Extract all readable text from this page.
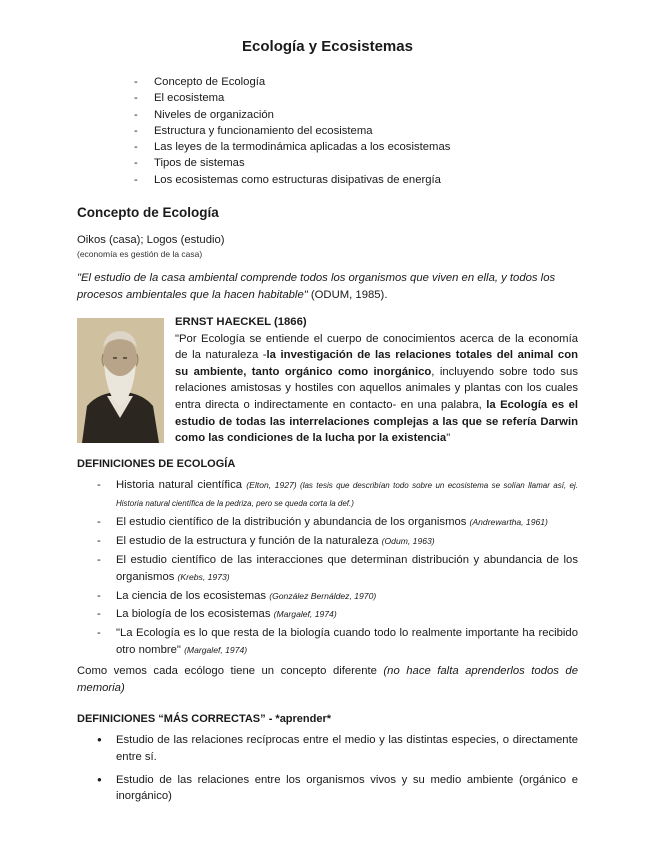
Ecología y Ecosistemas
- Concepto de Ecología
- El ecosistema
- Niveles de organización
- Estructura y funcionamiento del ecosistema
- Las leyes de la termodinámica aplicadas a los ecosistemas
- Tipos de sistemas
- Los ecosistemas como estructuras disipativas de energía
Concepto de Ecología
Oikos (casa); Logos (estudio)
(economía es gestión de la casa)
"El estudio de la casa ambiental comprende todos los organismos que viven en ella, y todos los procesos ambientales que la hacen habitable" (ODUM, 1985).
ERNST HAECKEL (1866)
"Por Ecología se entiende el cuerpo de conocimientos acerca de la economía de la naturaleza -la investigación de las relaciones totales del animal con su ambiente, tanto orgánico como inorgánico, incluyendo sobre todo sus relaciones amistosas y hostiles con aquellos animales y plantas con los cuales entra directa o indirectamente en contacto- en una palabra, la Ecología es el estudio de todas las interrelaciones complejas a las que se refería Darwin como las condiciones de la lucha por la existencia"
DEFINICIONES DE ECOLOGÍA
- Historia natural científica (Elton, 1927) (las tesis que describían todo sobre un ecosistema se solían llamar así, ej. Historia natural científica de la pedriza, pero se queda corta la def.)
- El estudio científico de la distribución y abundancia de los organismos (Andrewartha, 1961)
- El estudio de la estructura y función de la naturaleza (Odum, 1963)
- El estudio científico de las interacciones que determinan distribución y abundancia de los organismos (Krebs, 1973)
- La ciencia de los ecosistemas (González Bernáldez, 1970)
- La biología de los ecosistemas (Margalef, 1974)
- "La Ecología es lo que resta de la biología cuando todo lo realmente importante ha recibido otro nombre" (Margalef, 1974)
Como vemos cada ecólogo tiene un concepto diferente (no hace falta aprenderlos todos de memoria)
DEFINICIONES “MÁS CORRECTAS” - *aprender*
● Estudio de las relaciones recíprocas entre el medio y las distintas especies, o directamente entre sí.
● Estudio de las relaciones entre los organismos vivos y su medio ambiente (orgánico e inorgánico)
